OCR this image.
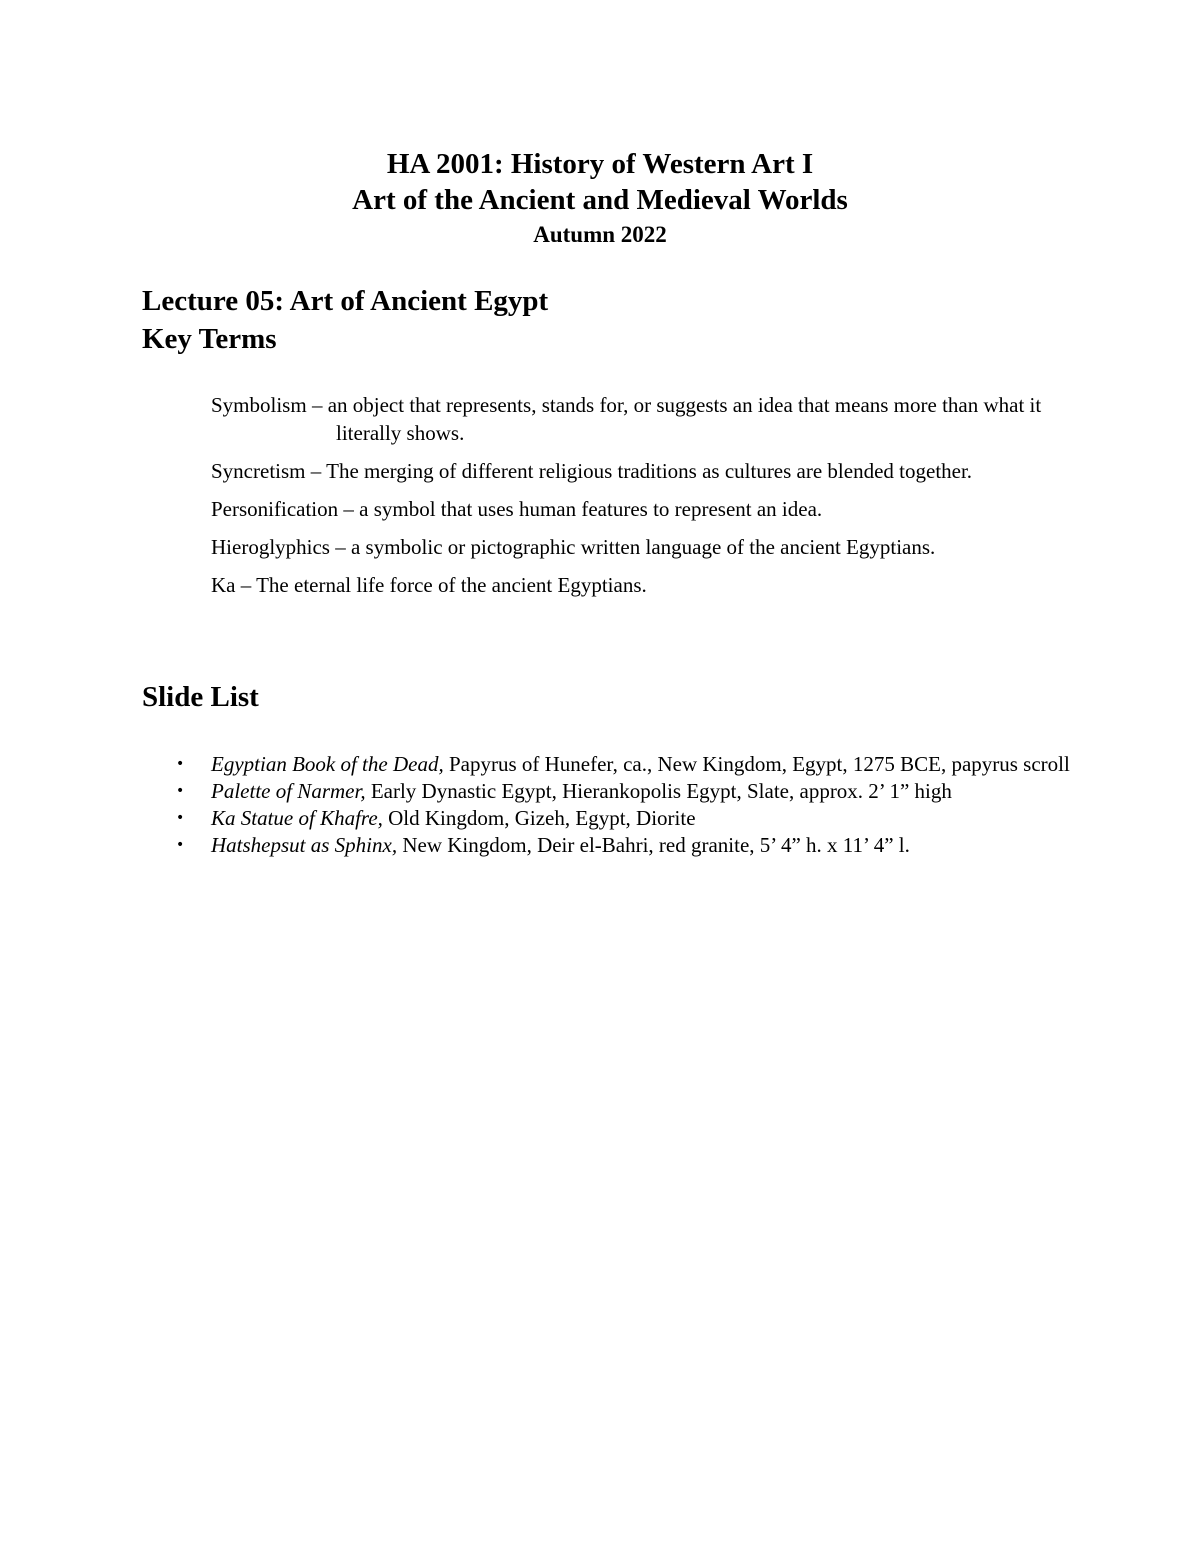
HA 2001: History of Western Art I

Art of the Ancient and Medieval Worlds

Autumn 2022

Lecture 05: Art of Ancient Egypt
Key Terms

Symbolism – an object that represents, stands for, or suggests an idea that means more than what it literally shows.

Syncretism – The merging of different religious traditions as cultures are blended together.

Personification – a symbol that uses human features to represent an idea.

Hieroglyphics – a symbolic or pictographic written language of the ancient Egyptians.

Ka – The eternal life force of the ancient Egyptians.

Slide List
• Egyptian Book of the Dead, Papyrus of Hunefer, ca., New Kingdom, Egypt, 1275 BCE, papyrus scroll
• Palette of Narmer, Early Dynastic Egypt, Hierankopolis Egypt, Slate, approx. 2’ 1” high
• Ka Statue of Khafre, Old Kingdom, Gizeh, Egypt, Diorite
• Hatshepsut as Sphinx, New Kingdom, Deir el-Bahri, red granite, 5’ 4” h. x 11’ 4” l.
